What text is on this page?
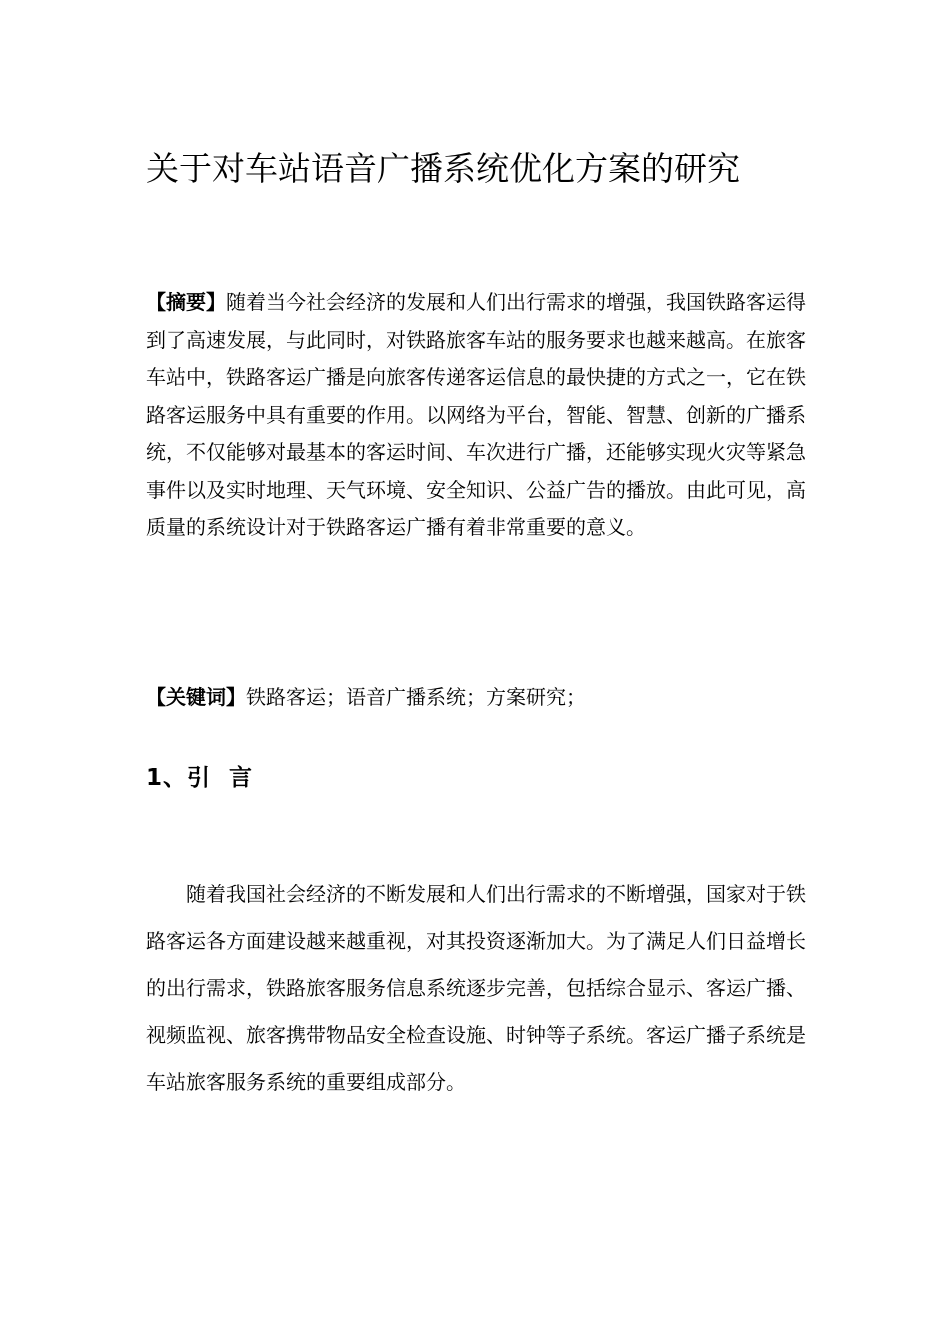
关于对车站语音广播系统优化方案的研究

【摘要】随着当今社会经济的发展和人们出行需求的增强，我国铁路客运得到了高速发展，与此同时，对铁路旅客车站的服务要求也越来越高。在旅客车站中，铁路客运广播是向旅客传递客运信息的最快捷的方式之一，它在铁路客运服务中具有重要的作用。以网络为平台，智能、智慧、创新的广播系统，不仅能够对最基本的客运时间、车次进行广播，还能够实现火灾等紧急事件以及实时地理、天气环境、安全知识、公益广告的播放。由此可见，高质量的系统设计对于铁路客运广播有着非常重要的意义。

【关键词】铁路客运；语音广播系统；方案研究；

1、引  言

随着我国社会经济的不断发展和人们出行需求的不断增强，国家对于铁路客运各方面建设越来越重视，对其投资逐渐加大。为了满足人们日益增长的出行需求，铁路旅客服务信息系统逐步完善，包括综合显示、客运广播、视频监视、旅客携带物品安全检查设施、时钟等子系统。客运广播子系统是车站旅客服务系统的重要组成部分。
